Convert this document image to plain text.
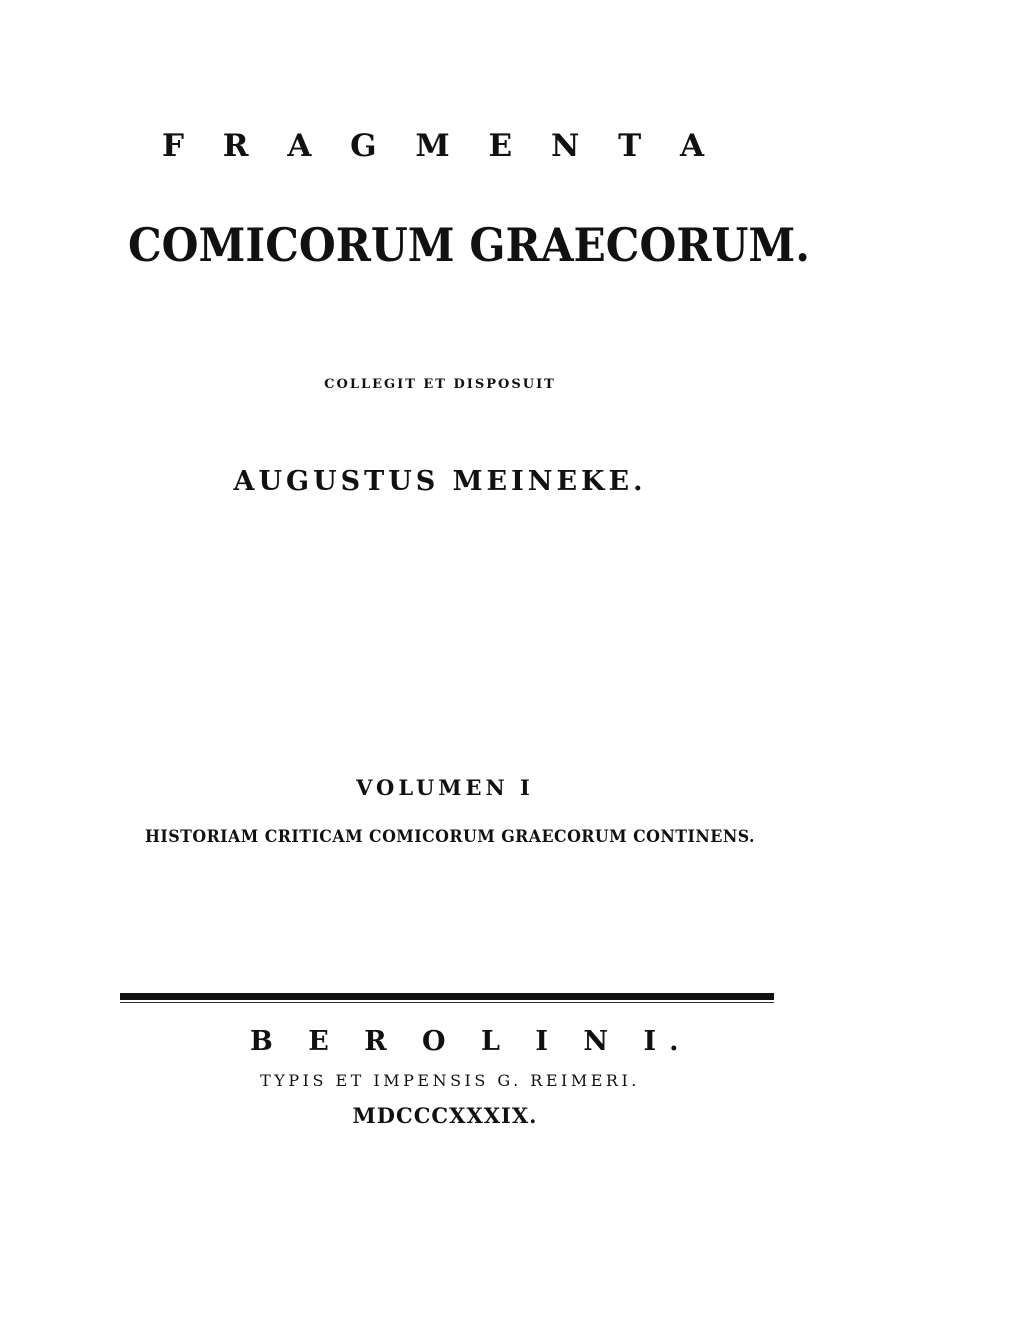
F R A G M E N T A
COMICORUM GRAECORUM.
COLLEGIT ET DISPOSUIT
AUGUSTUS MEINEKE.
VOLUMEN I
HISTORIAM CRITICAM COMICORUM GRAECORUM CONTINENS.
B E R O L I N I.
TYPIS ET IMPENSIS G. REIMERI.
MDCCCXXXIX.
